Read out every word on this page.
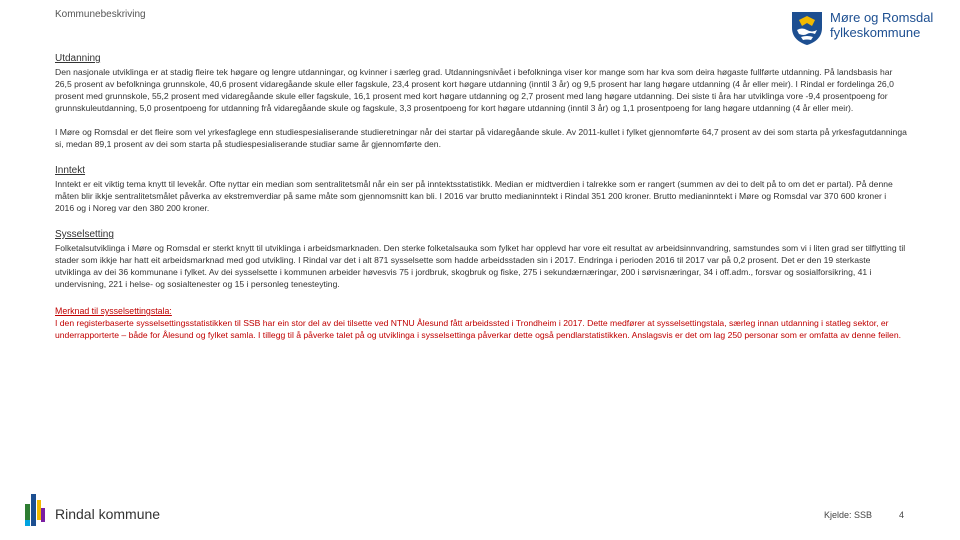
Kommunebeskriving	Møre og Romsdal
fylkeskommune
Utdanning

Den nasjonale utviklinga er at stadig fleire tek høgare og lengre utdanningar, og kvinner i særleg grad. Utdanningsnivået i befolkninga viser kor mange som har kva som deira høgaste fullførte utdanning. På landsbasis har 26,5 prosent av befolkninga grunnskole, 40,6 prosent vidaregåande skule eller fagskule, 23,4 prosent kort høgare utdanning (inntil 3 år) og 9,5 prosent har lang høgare utdanning (4 år eller meir). I Rindal er fordelinga 26,0 prosent med grunnskole, 55,2 prosent med vidaregåande skule eller fagskule, 16,1 prosent med kort høgare utdanning og 2,7 prosent med lang høgare utdanning. Dei siste ti åra har utviklinga vore -9,4 prosentpoeng for grunnskuleutdanning, 5,0 prosentpoeng for utdanning frå vidaregåande skule og fagskule, 3,3 prosentpoeng for kort høgare utdanning (inntil 3 år) og 1,1 prosentpoeng for lang høgare utdanning (4 år eller meir).

I Møre og Romsdal er det fleire som vel yrkesfaglege enn studiespesialiserande studieretningar når dei startar på vidaregåande skule. Av 2011-kullet i fylket gjennomførte 64,7 prosent av dei som starta på yrkesfagutdanninga si, medan 89,1 prosent av dei som starta på studiespesialiserande studiar same år gjennomførte den.

Inntekt

Inntekt er eit viktig tema knytt til levekår. Ofte nyttar ein median som sentralitetsmål når ein ser på inntektsstatistikk. Median er midtverdien i talrekke som er rangert (summen av dei to delt på to om det er partal). På denne måten blir ikkje sentralitetsmålet påverka av ekstremverdiar på same måte som gjennomsnitt kan bli. I 2016 var brutto medianinntekt i Rindal 351 200 kroner. Brutto medianinntekt i Møre og Romsdal var 370 600 kroner i 2016 og i Noreg var den 380 200 kroner.

Sysselsetting

Folketalsutviklinga i Møre og Romsdal er sterkt knytt til utviklinga i arbeidsmarknaden. Den sterke folketalsauka som fylket har opplevd har vore eit resultat av arbeidsinnvandring, samstundes som vi i liten grad ser tilflytting til stader som ikkje har hatt eit arbeidsmarknad med god utvikling. I Rindal var det i alt 871 sysselsette som hadde arbeidsstaden sin i 2017. Endringa i perioden 2016 til 2017 var på 0,2 prosent. Det er den 19 sterkaste utviklinga av dei 36 kommunane i fylket. Av dei sysselsette i kommunen arbeider høvesvis 75 i jordbruk, skogbruk og fiske, 275 i sekundærnæringar, 200 i sørvisnæringar, 34 i off.adm., forsvar og sosialforsikring, 41 i undervisning, 221 i helse- og sosialtenester og 15 i personleg tenesteyting.

Merknad til sysselsettingstala:

I den registerbaserte sysselsettingsstatistikken til SSB har ein stor del av dei tilsette ved NTNU Ålesund fått arbeidssted i Trondheim i 2017. Dette medfører at sysselsettingstala, særleg innan utdanning i statleg sektor, er underrapporterte – både for Ålesund og fylket samla. I tillegg til å påverke talet på og utviklinga i sysselsettinga påverkar dette også pendlarstatistikken. Anslagsvis er det om lag 250 personar som er omfatta av denne feilen.

Rindal kommune	Kjelde: SSB	4
